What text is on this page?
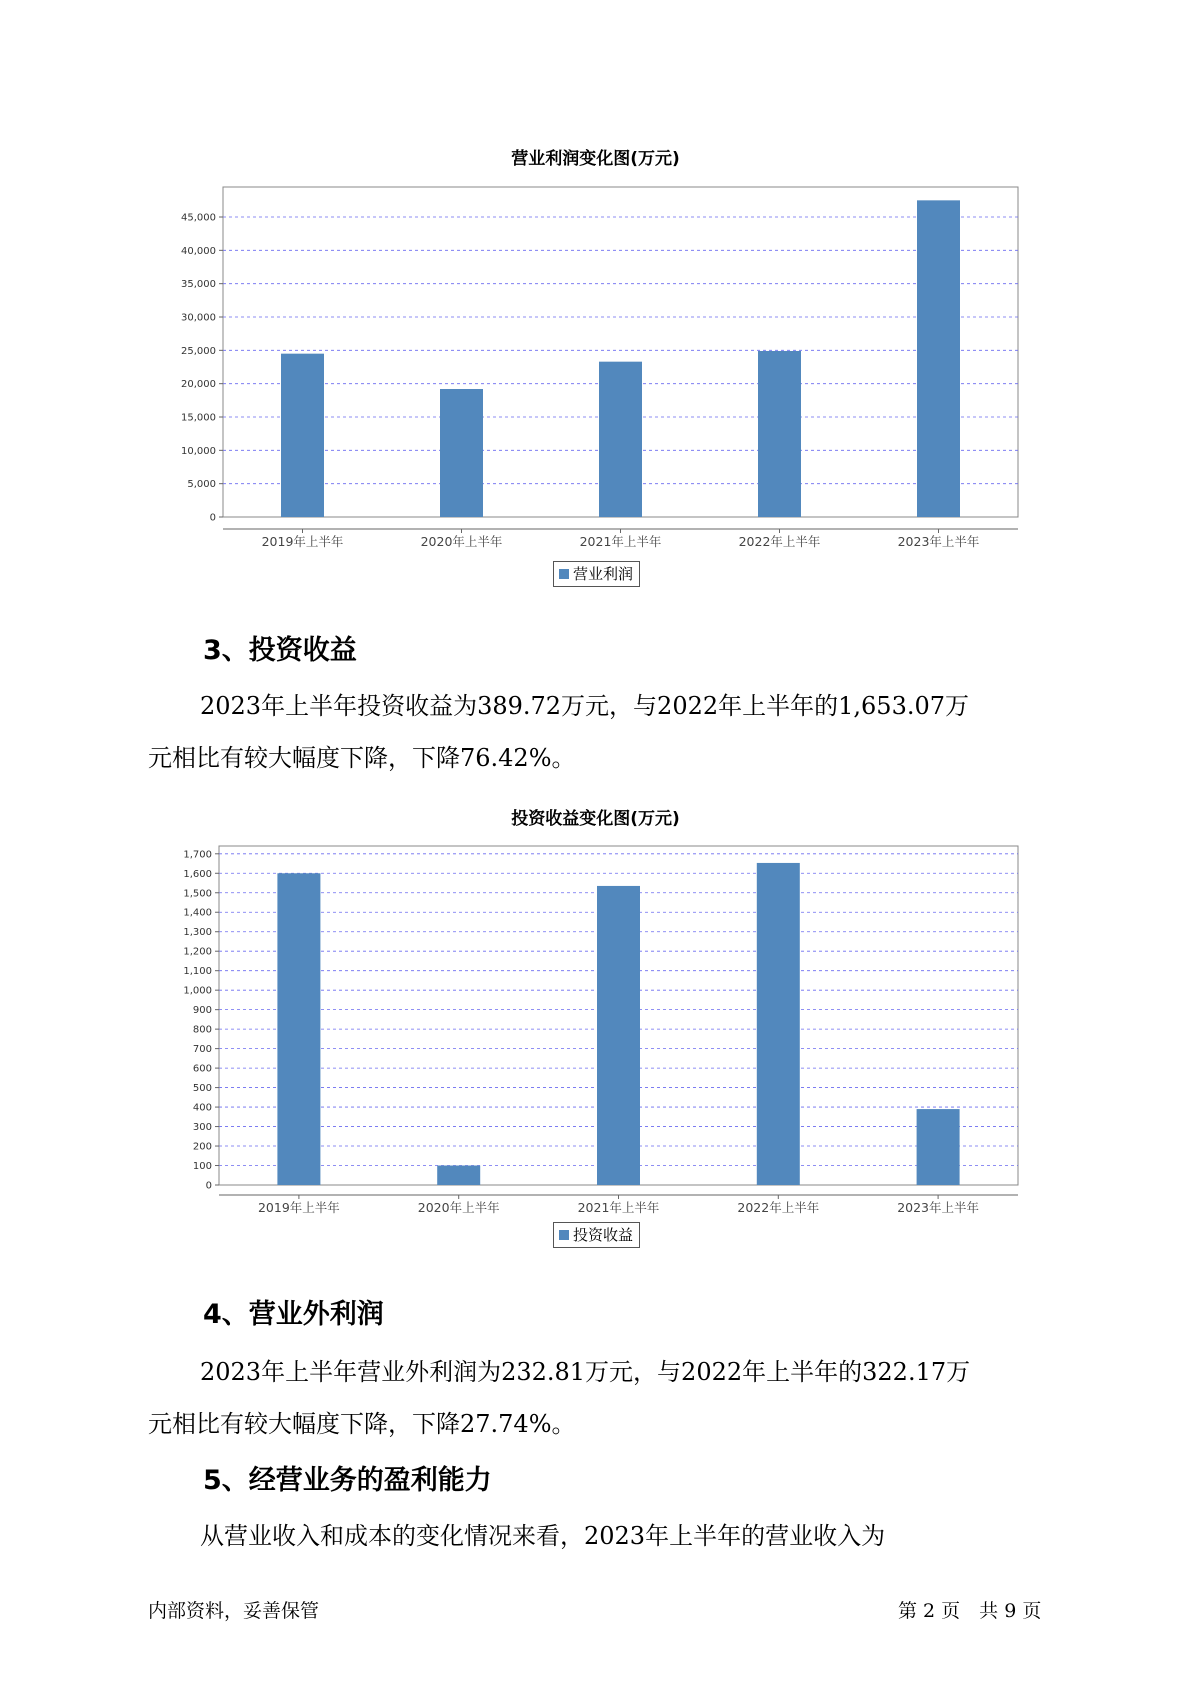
营业利润变化图(万元)
0
5,000
10,000
15,000
20,000
25,000
30,000
35,000
40,000
45,000
2019年上半年	2020年上半年	2021年上半年	2022年上半年	2023年上半年
营业利润
3、投资收益

2023年上半年投资收益为389.72万元，与2022年上半年的1,653.07万
元相比有较大幅度下降，下降76.42%。

投资收益变化图(万元)
0
100
200
300
400
500
600
700
800
900
1,000
1,100
1,200
1,300
1,400
1,500
1,600
1,700
2019年上半年	2020年上半年	2021年上半年	2022年上半年	2023年上半年
投资收益
4、营业外利润

2023年上半年营业外利润为232.81万元，与2022年上半年的322.17万
元相比有较大幅度下降，下降27.74%。

5、经营业务的盈利能力

从营业收入和成本的变化情况来看，2023年上半年的营业收入为

内部资料，妥善保管	第 2 页　共 9 页
